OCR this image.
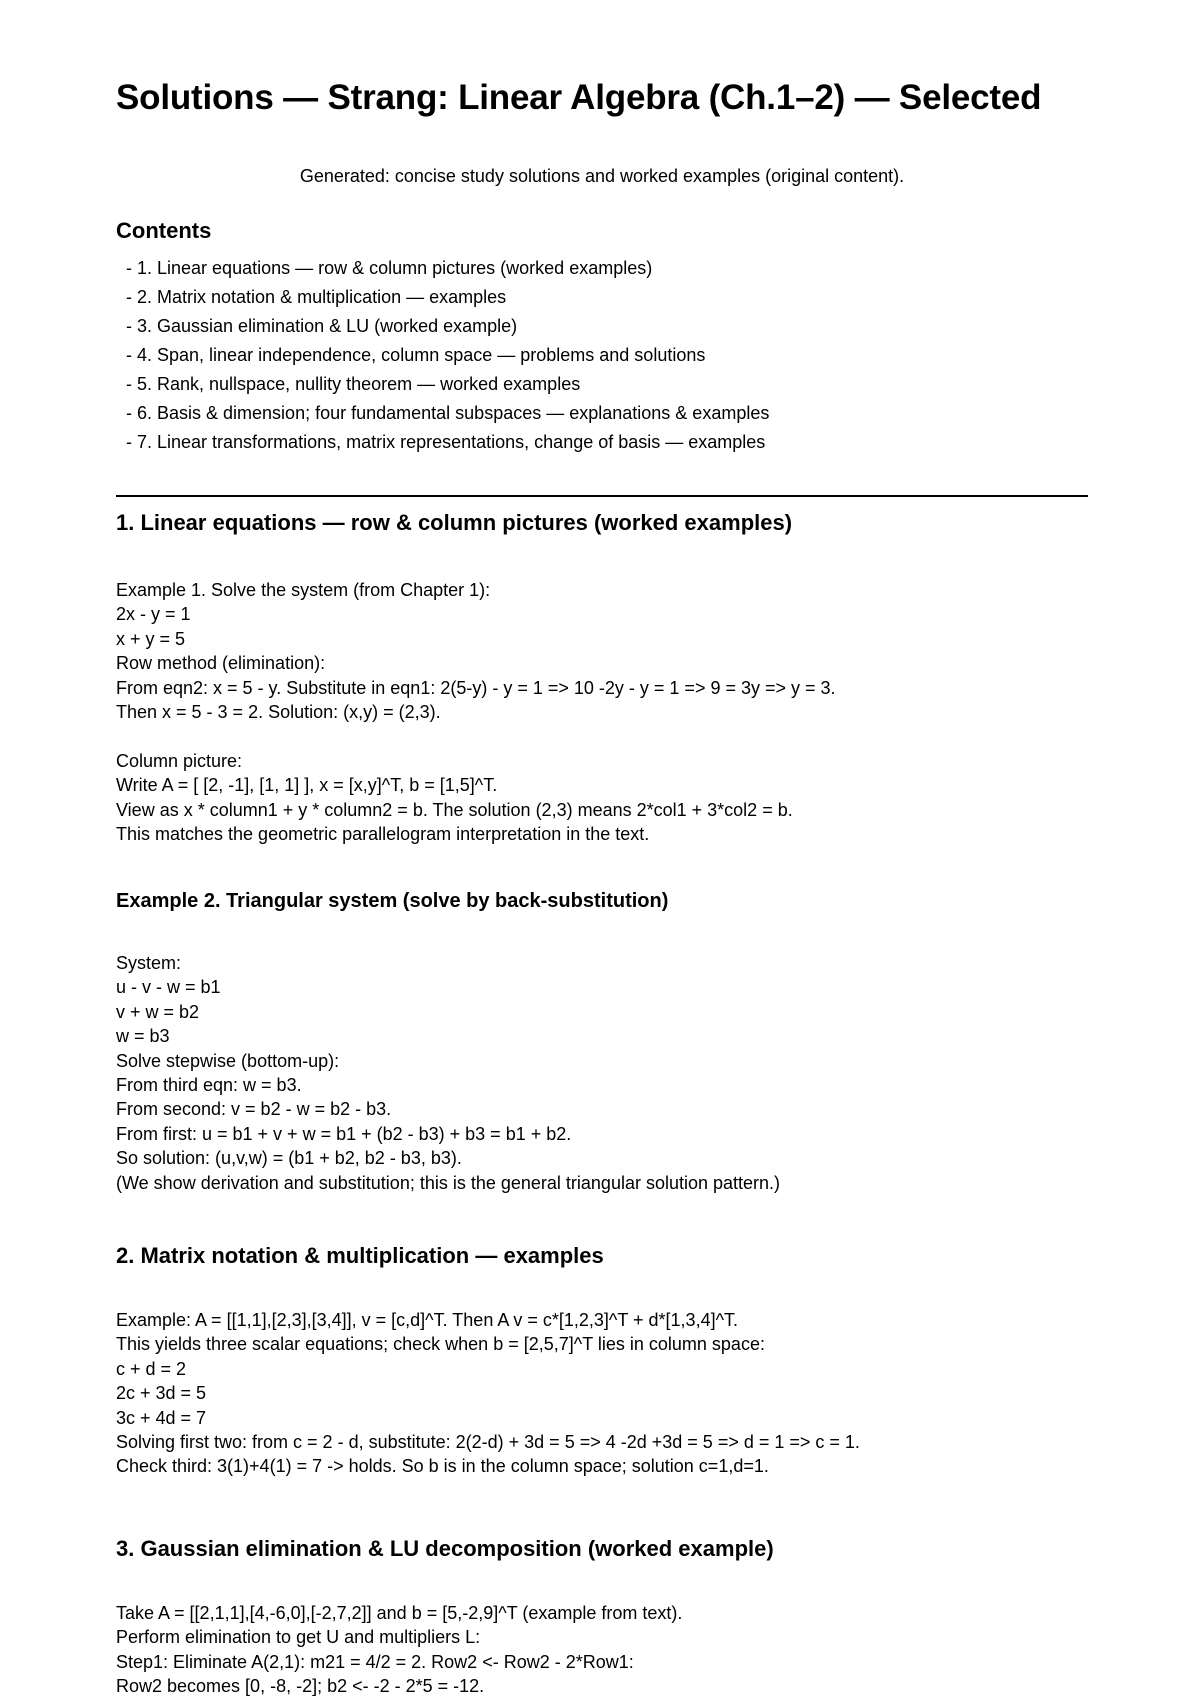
Solutions — Strang: Linear Algebra (Ch.1–2) — Selected
Generated: concise study solutions and worked examples (original content).
Contents
- 1. Linear equations — row & column pictures (worked examples)
- 2. Matrix notation & multiplication — examples
- 3. Gaussian elimination & LU (worked example)
- 4. Span, linear independence, column space — problems and solutions
- 5. Rank, nullspace, nullity theorem — worked examples
- 6. Basis & dimension; four fundamental subspaces — explanations & examples
- 7. Linear transformations, matrix representations, change of basis — examples
1. Linear equations — row & column pictures (worked examples)
Example 1. Solve the system (from Chapter 1):
2x - y = 1
x + y = 5
Row method (elimination):
From eqn2: x = 5 - y. Substitute in eqn1: 2(5-y) - y = 1 => 10 -2y - y = 1 => 9 = 3y => y = 3.
Then x = 5 - 3 = 2. Solution: (x,y) = (2,3).
Column picture:
Write A = [ [2, -1], [1, 1] ], x = [x,y]^T, b = [1,5]^T.
View as x * column1 + y * column2 = b. The solution (2,3) means 2*col1 + 3*col2 = b.
This matches the geometric parallelogram interpretation in the text.
Example 2. Triangular system (solve by back-substitution)
System:
u - v - w = b1
v + w = b2
w = b3
Solve stepwise (bottom-up):
From third eqn: w = b3.
From second: v = b2 - w = b2 - b3.
From first: u = b1 + v + w = b1 + (b2 - b3) + b3 = b1 + b2.
So solution: (u,v,w) = (b1 + b2, b2 - b3, b3).
(We show derivation and substitution; this is the general triangular solution pattern.)
2. Matrix notation & multiplication — examples
Example: A = [[1,1],[2,3],[3,4]], v = [c,d]^T. Then A v = c*[1,2,3]^T + d*[1,3,4]^T.
This yields three scalar equations; check when b = [2,5,7]^T lies in column space:
c + d = 2
2c + 3d = 5
3c + 4d = 7
Solving first two: from c = 2 - d, substitute: 2(2-d) + 3d = 5 => 4 -2d +3d = 5 => d = 1 => c = 1.
Check third: 3(1)+4(1) = 7 -> holds. So b is in the column space; solution c=1,d=1.
3. Gaussian elimination & LU decomposition (worked example)
Take A = [[2,1,1],[4,-6,0],[-2,7,2]] and b = [5,-2,9]^T (example from text).
Perform elimination to get U and multipliers L:
Step1: Eliminate A(2,1): m21 = 4/2 = 2. Row2 <- Row2 - 2*Row1:
Row2 becomes [0, -8, -2]; b2 <- -2 - 2*5 = -12.
